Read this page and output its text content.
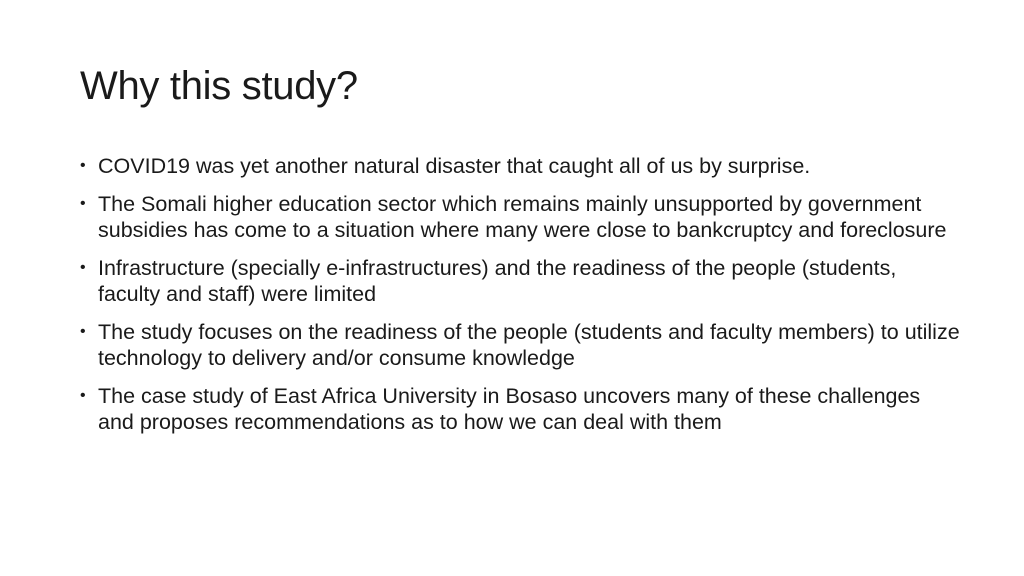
Why this study?
• COVID19 was yet another natural disaster that caught all of us by surprise.
• The Somali higher education sector which remains mainly unsupported by government subsidies has come to a situation where many were close to bankcruptcy and foreclosure
• Infrastructure (specially e-infrastructures) and the readiness of the people (students, faculty and staff) were limited
• The study focuses on the readiness of the people (students and faculty members) to utilize technology to delivery and/or consume knowledge
• The case study of East Africa University in Bosaso uncovers many of these challenges and proposes recommendations as to how we can deal with them
